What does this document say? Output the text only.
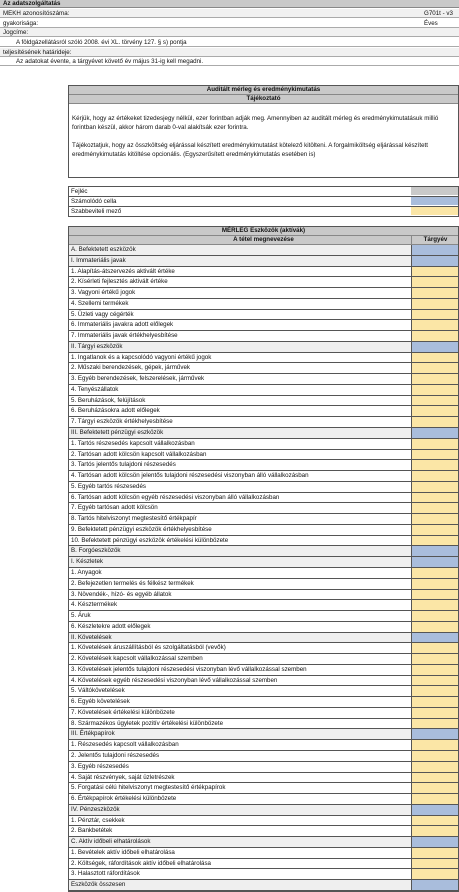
Az adatszolgáltatás
MEKH azonosítószáma:	G701t - v3
gyakorisága:	Éves
Jogcíme:
A földgázellátásról szóló 2008. évi XL. törvény 127. § s) pontja
teljesítésének határideje:
Az adatokat évente, a tárgyévet követő év május 31-ig kell megadni.
Auditált mérleg és eredménykimutatás
Tájékoztató

Kérjük, hogy az értékeket tizedesjegy nélkül, ezer forintban adják meg. Amennyiben az auditált mérleg és eredménykimutatásuk millió forintban készül, akkor három darab 0-val alakítsák ezer forintra.

Tájékoztatjuk, hogy az összköltség eljárással készített eredménykimutatást kötelező kitölteni. A forgalmiköltség eljárással készített eredménykimutatás kitöltése opcionális. (Egyszerűsített eredménykimutatás esetében is)

Fejléc
Számolódó cella
Szabbeviteli mező
MÉRLEG Eszközök (aktívák)
A tétel megnevezése	Tárgyév
A. Befektetett eszközök
I. Immateriális javak
1. Alapítás-átszervezés aktivált értéke
2. Kísérleti fejlesztés aktivált értéke
3. Vagyoni értékű jogok
4. Szellemi termékek
5. Üzleti vagy cégérték
6. Immateriális javakra adott előlegek
7. Immateriális javak értékhelyesbítése
II. Tárgyi eszközök
1. Ingatlanok és a kapcsolódó vagyoni értékű jogok
2. Műszaki berendezések, gépek, járművek
3. Egyéb berendezések, felszerelések, járművek
4. Tenyészállatok
5. Beruházások, felújítások
6. Beruházásokra adott előlegek
7. Tárgyi eszközök értékhelyesbítése
III. Befektetett pénzügyi eszközök
1. Tartós részesedés kapcsolt vállalkozásban
2. Tartósan adott kölcsön kapcsolt vállalkozásban
3. Tartós jelentős tulajdoni részesedés
4. Tartósan adott kölcsön jelentős tulajdoni részesedési viszonyban álló vállalkozásban
5. Egyéb tartós részesedés
6. Tartósan adott kölcsön egyéb részesedési viszonyban álló vállalkozásban
7. Egyéb tartósan adott kölcsön
8. Tartós hitelviszonyt megtestesítő értékpapír
9. Befektetett pénzügyi eszközök értékhelyesbítése
10. Befektetett pénzügyi eszközök értékelési különbözete
B. Forgóeszközök
I. Készletek
1. Anyagok
2. Befejezetlen termelés és félkész termékek
3. Növendék-, hízó- és egyéb állatok
4. Késztermékek
5. Áruk
6. Készletekre adott előlegek
II. Követelések
1. Követelések áruszállításból és szolgáltatásból (vevők)
2. Követelések kapcsolt vállalkozással szemben
3. Követelések jelentős tulajdoni részesedési viszonyban lévő vállalkozással szemben
4. Követelések egyéb részesedési viszonyban lévő vállalkozással szemben
5. Váltókövetelések
6. Egyéb követelések
7. Követelések értékelési különbözete
8. Származékos ügyletek pozitív értékelési különbözete
III. Értékpapírok
1. Részesedés kapcsolt vállalkozásban
2. Jelentős tulajdoni részesedés
3. Egyéb részesedés
4. Saját részvények, saját üzletrészek
5. Forgatási célú hitelviszonyt megtestesítő értékpapírok
6. Értékpapírok értékelési különbözete
IV. Pénzeszközök
1. Pénztár, csekkek
2. Bankbetétek
C. Aktív időbeli elhatárolások
1. Bevételek aktív időbeli elhatárolása
2. Költségek, ráfordítások aktív időbeli elhatárolása
3. Halasztott ráfordítások
Eszközök összesen
